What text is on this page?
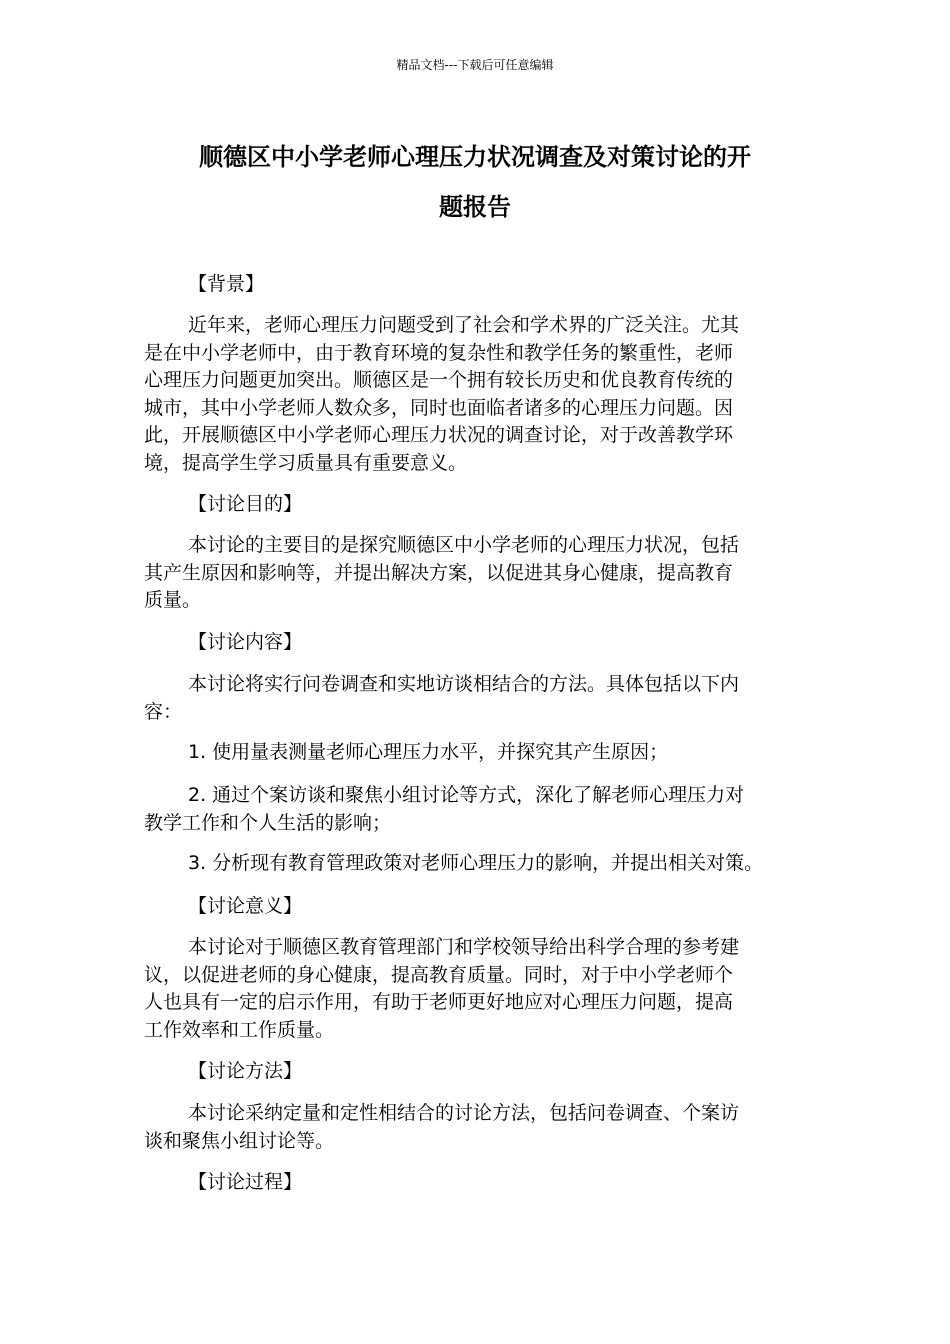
精品文档---下载后可任意编辑
顺德区中小学老师心理压力状况调查及对策讨论的开
题报告
【背景】
近年来，老师心理压力问题受到了社会和学术界的广泛关注。尤其
是在中小学老师中，由于教育环境的复杂性和教学任务的繁重性，老师
心理压力问题更加突出。顺德区是一个拥有较长历史和优良教育传统的
城市，其中小学老师人数众多，同时也面临者诸多的心理压力问题。因
此，开展顺德区中小学老师心理压力状况的调查讨论，对于改善教学环
境，提高学生学习质量具有重要意义。
【讨论目的】
本讨论的主要目的是探究顺德区中小学老师的心理压力状况，包括
其产生原因和影响等，并提出解决方案，以促进其身心健康，提高教育
质量。
【讨论内容】
本讨论将实行问卷调查和实地访谈相结合的方法。具体包括以下内
容：
1. 使用量表测量老师心理压力水平，并探究其产生原因；
2. 通过个案访谈和聚焦小组讨论等方式，深化了解老师心理压力对
教学工作和个人生活的影响；
3. 分析现有教育管理政策对老师心理压力的影响，并提出相关对策。
【讨论意义】
本讨论对于顺德区教育管理部门和学校领导给出科学合理的参考建
议，以促进老师的身心健康，提高教育质量。同时，对于中小学老师个
人也具有一定的启示作用，有助于老师更好地应对心理压力问题，提高
工作效率和工作质量。
【讨论方法】
本讨论采纳定量和定性相结合的讨论方法，包括问卷调查、个案访
谈和聚焦小组讨论等。
【讨论过程】
